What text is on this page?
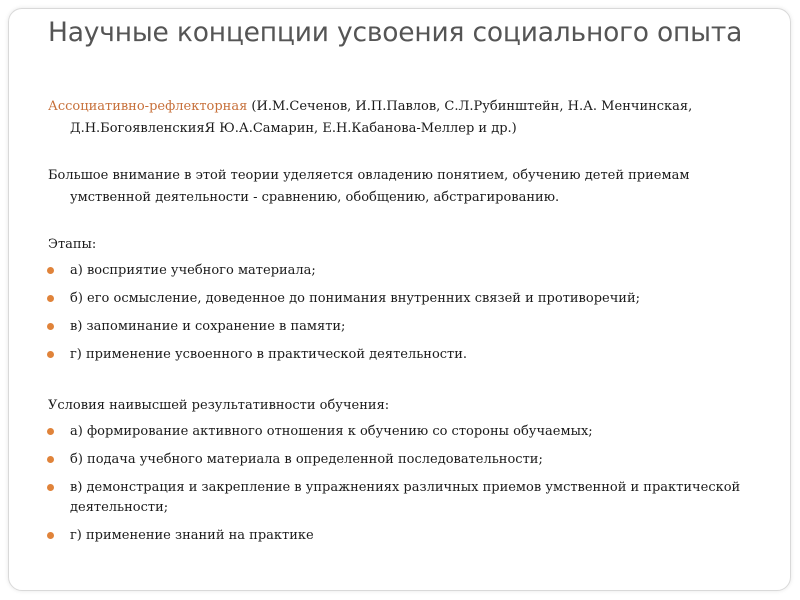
Научные концепции усвоения социального опыта

Ассоциативно-рефлекторная (И.М.Сеченов, И.П.Павлов, С.Л.Рубинштейн, Н.А. Менчинская, Д.Н.БогоявленскияЯ Ю.А.Самарин, Е.Н.Кабанова-Меллер и др.)

Большое внимание в этой теории уделяется овладению понятием, обучению детей приемам умственной деятельности - сравнению, обобщению, абстрагированию.

Этапы:

а) восприятие учебного материала;
б) его осмысление, доведенное до понимания внутренних связей и противоречий;
в) запоминание и сохранение в памяти;
г) применение усвоенного в практической деятельности.

Условия наивысшей результативности обучения:

а) формирование активного отношения к обучению со стороны обучаемых;
б) подача учебного материала в определенной последовательности;
в) демонстрация и закрепление в упражнениях различных приемов умственной и практической деятельности;
г) применение знаний на практике
